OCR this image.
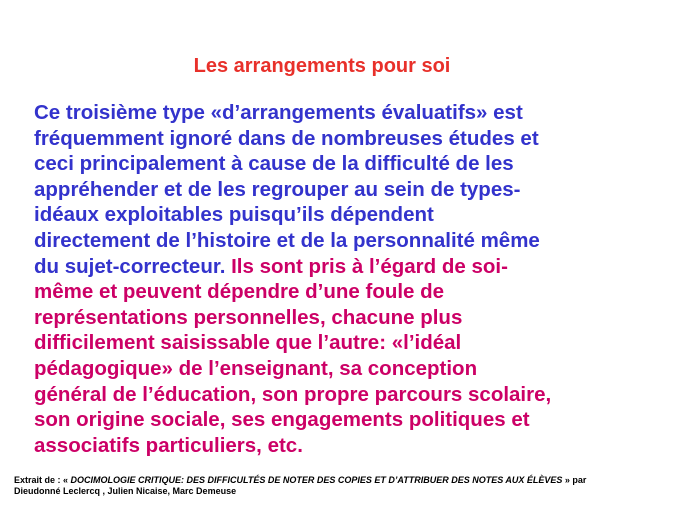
Les arrangements pour soi
Ce troisième type «d’arrangements évaluatifs» est
fréquemment ignoré dans de nombreuses études et
ceci principalement à cause de la difficulté de les
appréhender et de les regrouper au sein de types-
idéaux exploitables puisqu’ils dépendent
directement de l’histoire et de la personnalité même
du sujet-correcteur. Ils sont pris à l’égard de soi-
même et peuvent dépendre d’une foule de
représentations personnelles, chacune plus
difficilement saisissable que l’autre: «l’idéal
pédagogique» de l’enseignant, sa conception
général de l’éducation, son propre parcours scolaire,
son origine sociale, ses engagements politiques et
associatifs particuliers, etc.
Extrait de : « DOCIMOLOGIE CRITIQUE: DES DIFFICULTÉS DE NOTER DES COPIES ET D’ATTRIBUER DES NOTES AUX ÉLÈVES » par
Dieudonné Leclercq , Julien Nicaise, Marc Demeuse
